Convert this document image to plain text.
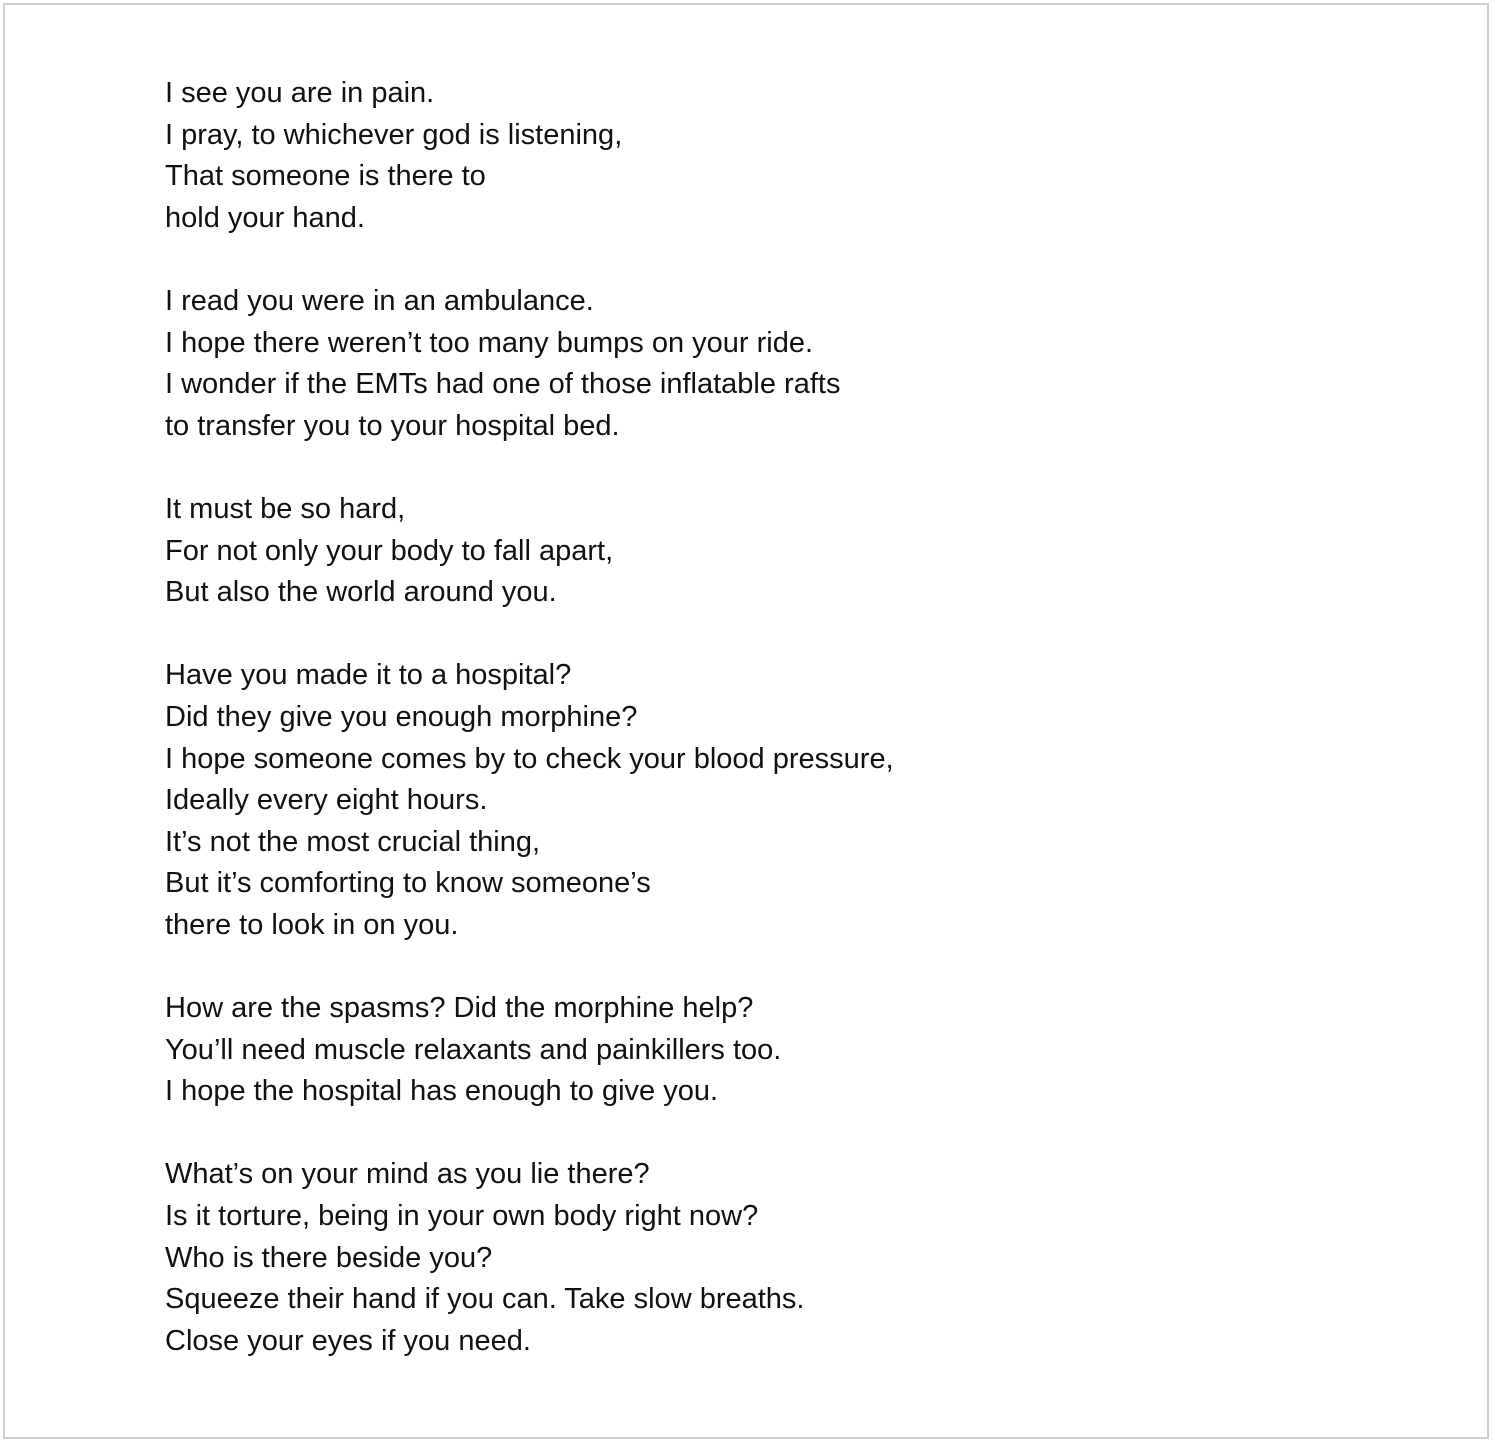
I see you are in pain.
I pray, to whichever god is listening,
That someone is there to
hold your hand.
I read you were in an ambulance.
I hope there weren’t too many bumps on your ride.
I wonder if the EMTs had one of those inflatable rafts
to transfer you to your hospital bed.
It must be so hard,
For not only your body to fall apart,
But also the world around you.
Have you made it to a hospital?
Did they give you enough morphine?
I hope someone comes by to check your blood pressure,
Ideally every eight hours.
It’s not the most crucial thing,
But it’s comforting to know someone’s
there to look in on you.
How are the spasms? Did the morphine help?
You’ll need muscle relaxants and painkillers too.
I hope the hospital has enough to give you.
What’s on your mind as you lie there?
Is it torture, being in your own body right now?
Who is there beside you?
Squeeze their hand if you can. Take slow breaths.
Close your eyes if you need.
